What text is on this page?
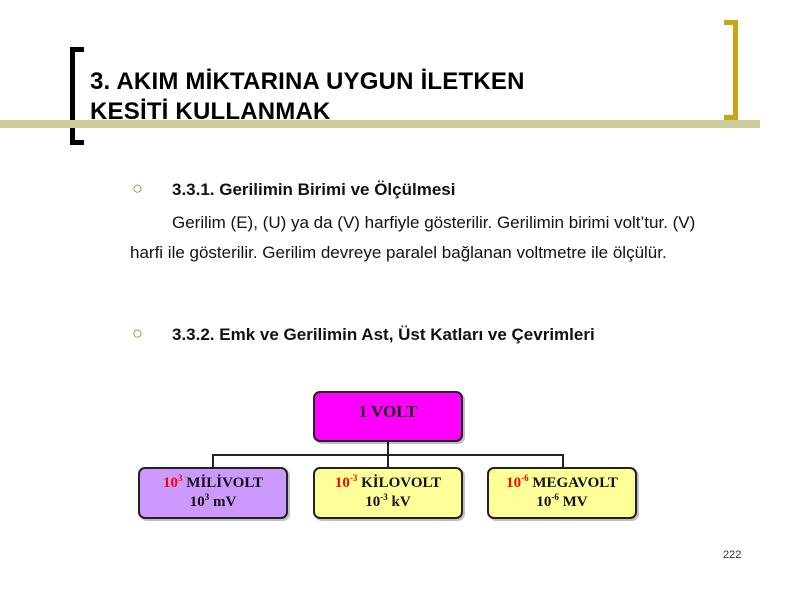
3. AKIM MİKTARINA UYGUN İLETKEN
KESİTİ KULLANMAK
○ 3.3.1. Gerilimin Birimi ve Ölçülmesi
Gerilim (E), (U) ya da (V) harfiyle gösterilir. Gerilimin birimi volt’tur. (V) harfi ile gösterilir. Gerilim devreye paralel bağlanan voltmetre ile ölçülür.
○ 3.3.2. Emk ve Gerilimin Ast, Üst Katları ve Çevrimleri
1 VOLT
$10^3$ MİLİVOLT
$10^3$ mV
$10^{-3}$ KİLOVOLT
$10^{-3}$ kV
$10^{-6}$ MEGAVOLT
$10^{-6}$ MV
222
